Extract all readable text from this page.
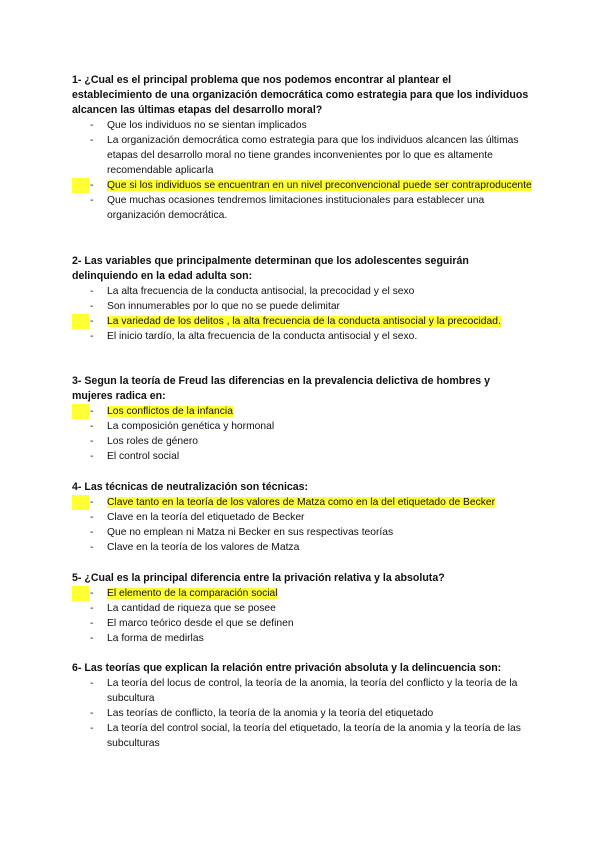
1- ¿Cual es el principal problema que nos podemos encontrar al plantear el establecimiento de una organización democrática como estrategia para que los individuos alcancen las últimas etapas del desarrollo moral?

- Que los individuos no se sientan implicados
- La organización democrática como estrategia para que los individuos alcancen las últimas etapas del desarrollo moral no tiene grandes inconvenientes por lo que es altamente recomendable aplicarla
- Que si los individuos se encuentran en un nivel preconvencional puede ser contraproducente
- Que muchas ocasiones tendremos limitaciones institucionales para establecer una organización democrática.

2- Las variables que principalmente determinan que los adolescentes seguirán delinquiendo en la edad adulta son:

- La alta frecuencia de la conducta antisocial, la precocidad y el sexo
- Son innumerables por lo que no se puede delimitar
- La variedad de los delitos , la alta frecuencia de la conducta antisocial y la precocidad.
- El inicio tardío, la alta frecuencia de la conducta antisocial y el sexo.

3- Segun la teoría de Freud las diferencias en la prevalencia delictiva de hombres y mujeres radica en:

- Los conflictos de la infancia
- La composición genética y hormonal
- Los roles de género
- El control social

4- Las técnicas de neutralización son técnicas:

- Clave tanto en la teoría de los valores de Matza como en la del etiquetado de Becker
- Clave en la teoría del etiquetado de Becker
- Que no emplean ni Matza ni Becker en sus respectivas teorías
- Clave en la teoría de los valores de Matza

5- ¿Cual es la principal diferencia entre la privación relativa y la absoluta?

- El elemento de la comparación social
- La cantidad de riqueza que se posee
- El marco teórico desde el que se definen
- La forma de medirlas

6- Las teorías que explican la relación entre privación absoluta y la delincuencia son:

- La teoría del locus de control, la teoría de la anomia, la teoría del conflicto y la teoría de la subcultura
- Las teorías de conflicto, la teoría de la anomia y la teoría del etiquetado
- La teoría del control social, la teoría del etiquetado, la teoría de la anomia y la teoría de las subculturas
